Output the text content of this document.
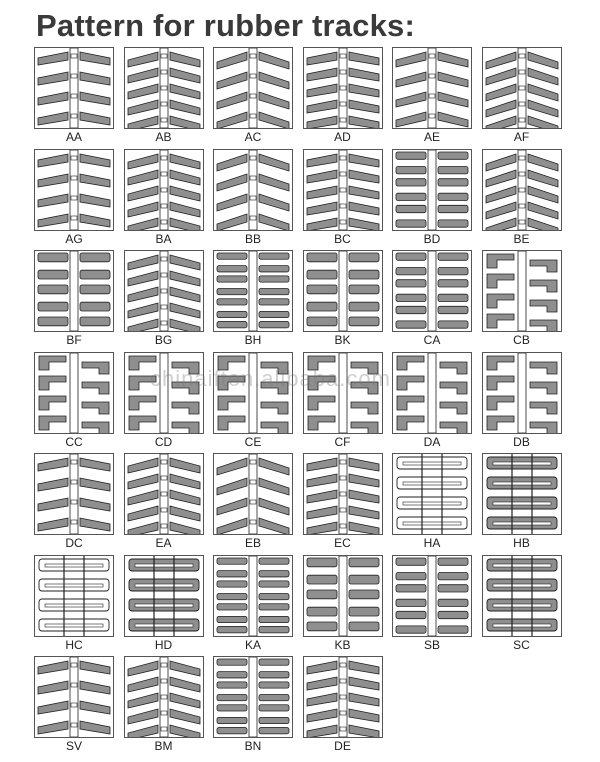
Pattern for rubber tracks:
AA	AB	AC	AD	AE	AF
AG	BA	BB	BC	BD	BE
BF	BG	BH	BK	CA	CB
CC	CD	CE	CF	DA	DB
DC	EA	EB	EC	HA	HB
HC	HD	KA	KB	SB	SC
SV	BM	BN	DE
chinaiften.alibaba.com
